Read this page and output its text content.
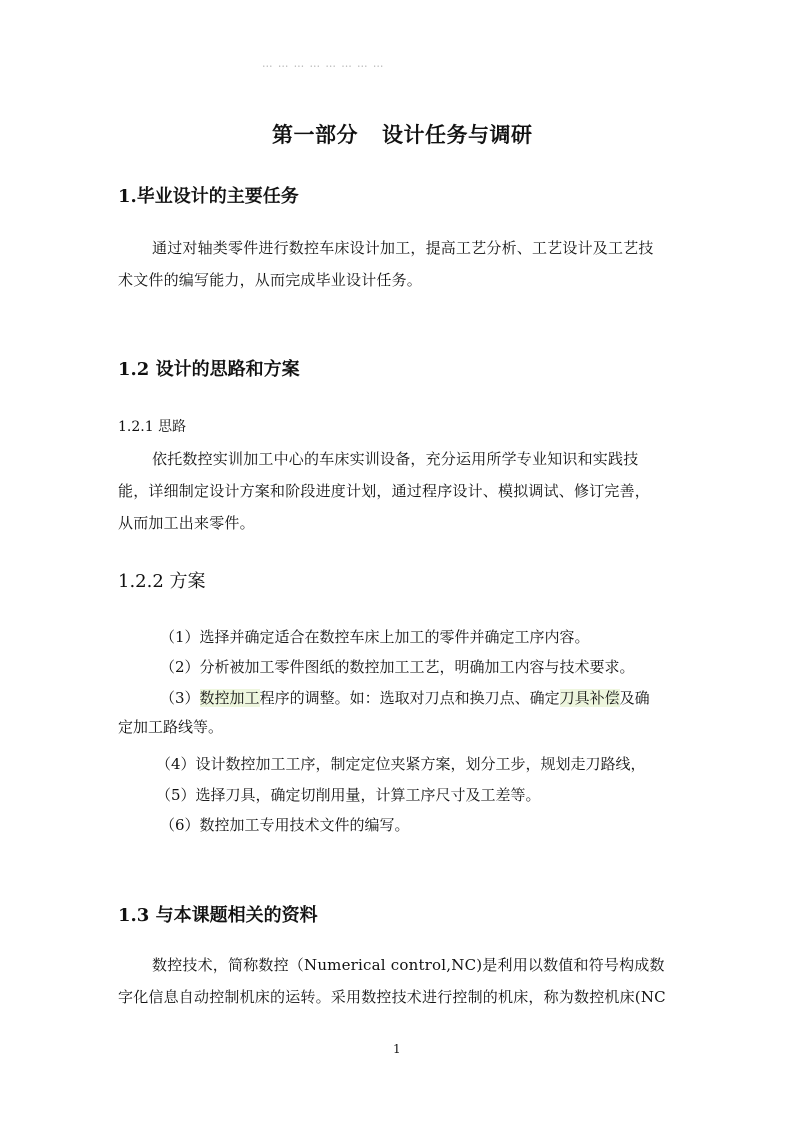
……………………
第一部分 设计任务与调研
1.毕业设计的主要任务
通过对轴类零件进行数控车床设计加工，提高工艺分析、工艺设计及工艺技
术文件的编写能力，从而完成毕业设计任务。
1.2 设计的思路和方案
1.2.1 思路
依托数控实训加工中心的车床实训设备，充分运用所学专业知识和实践技
能，详细制定设计方案和阶段进度计划，通过程序设计、模拟调试、修订完善，
从而加工出来零件。
1.2.2 方案
（1）选择并确定适合在数控车床上加工的零件并确定工序内容。
（2）分析被加工零件图纸的数控加工工艺，明确加工内容与技术要求。
（3）数控加工程序的调整。如：选取对刀点和换刀点、确定刀具补偿及确
定加工路线等。
（4）设计数控加工工序，制定定位夹紧方案，划分工步，规划走刀路线，
（5）选择刀具，确定切削用量，计算工序尺寸及工差等。
（6）数控加工专用技术文件的编写。
1.3 与本课题相关的资料
数控技术，简称数控（Numerical control,NC)是利用以数值和符号构成数
字化信息自动控制机床的运转。采用数控技术进行控制的机床，称为数控机床(NC
1
